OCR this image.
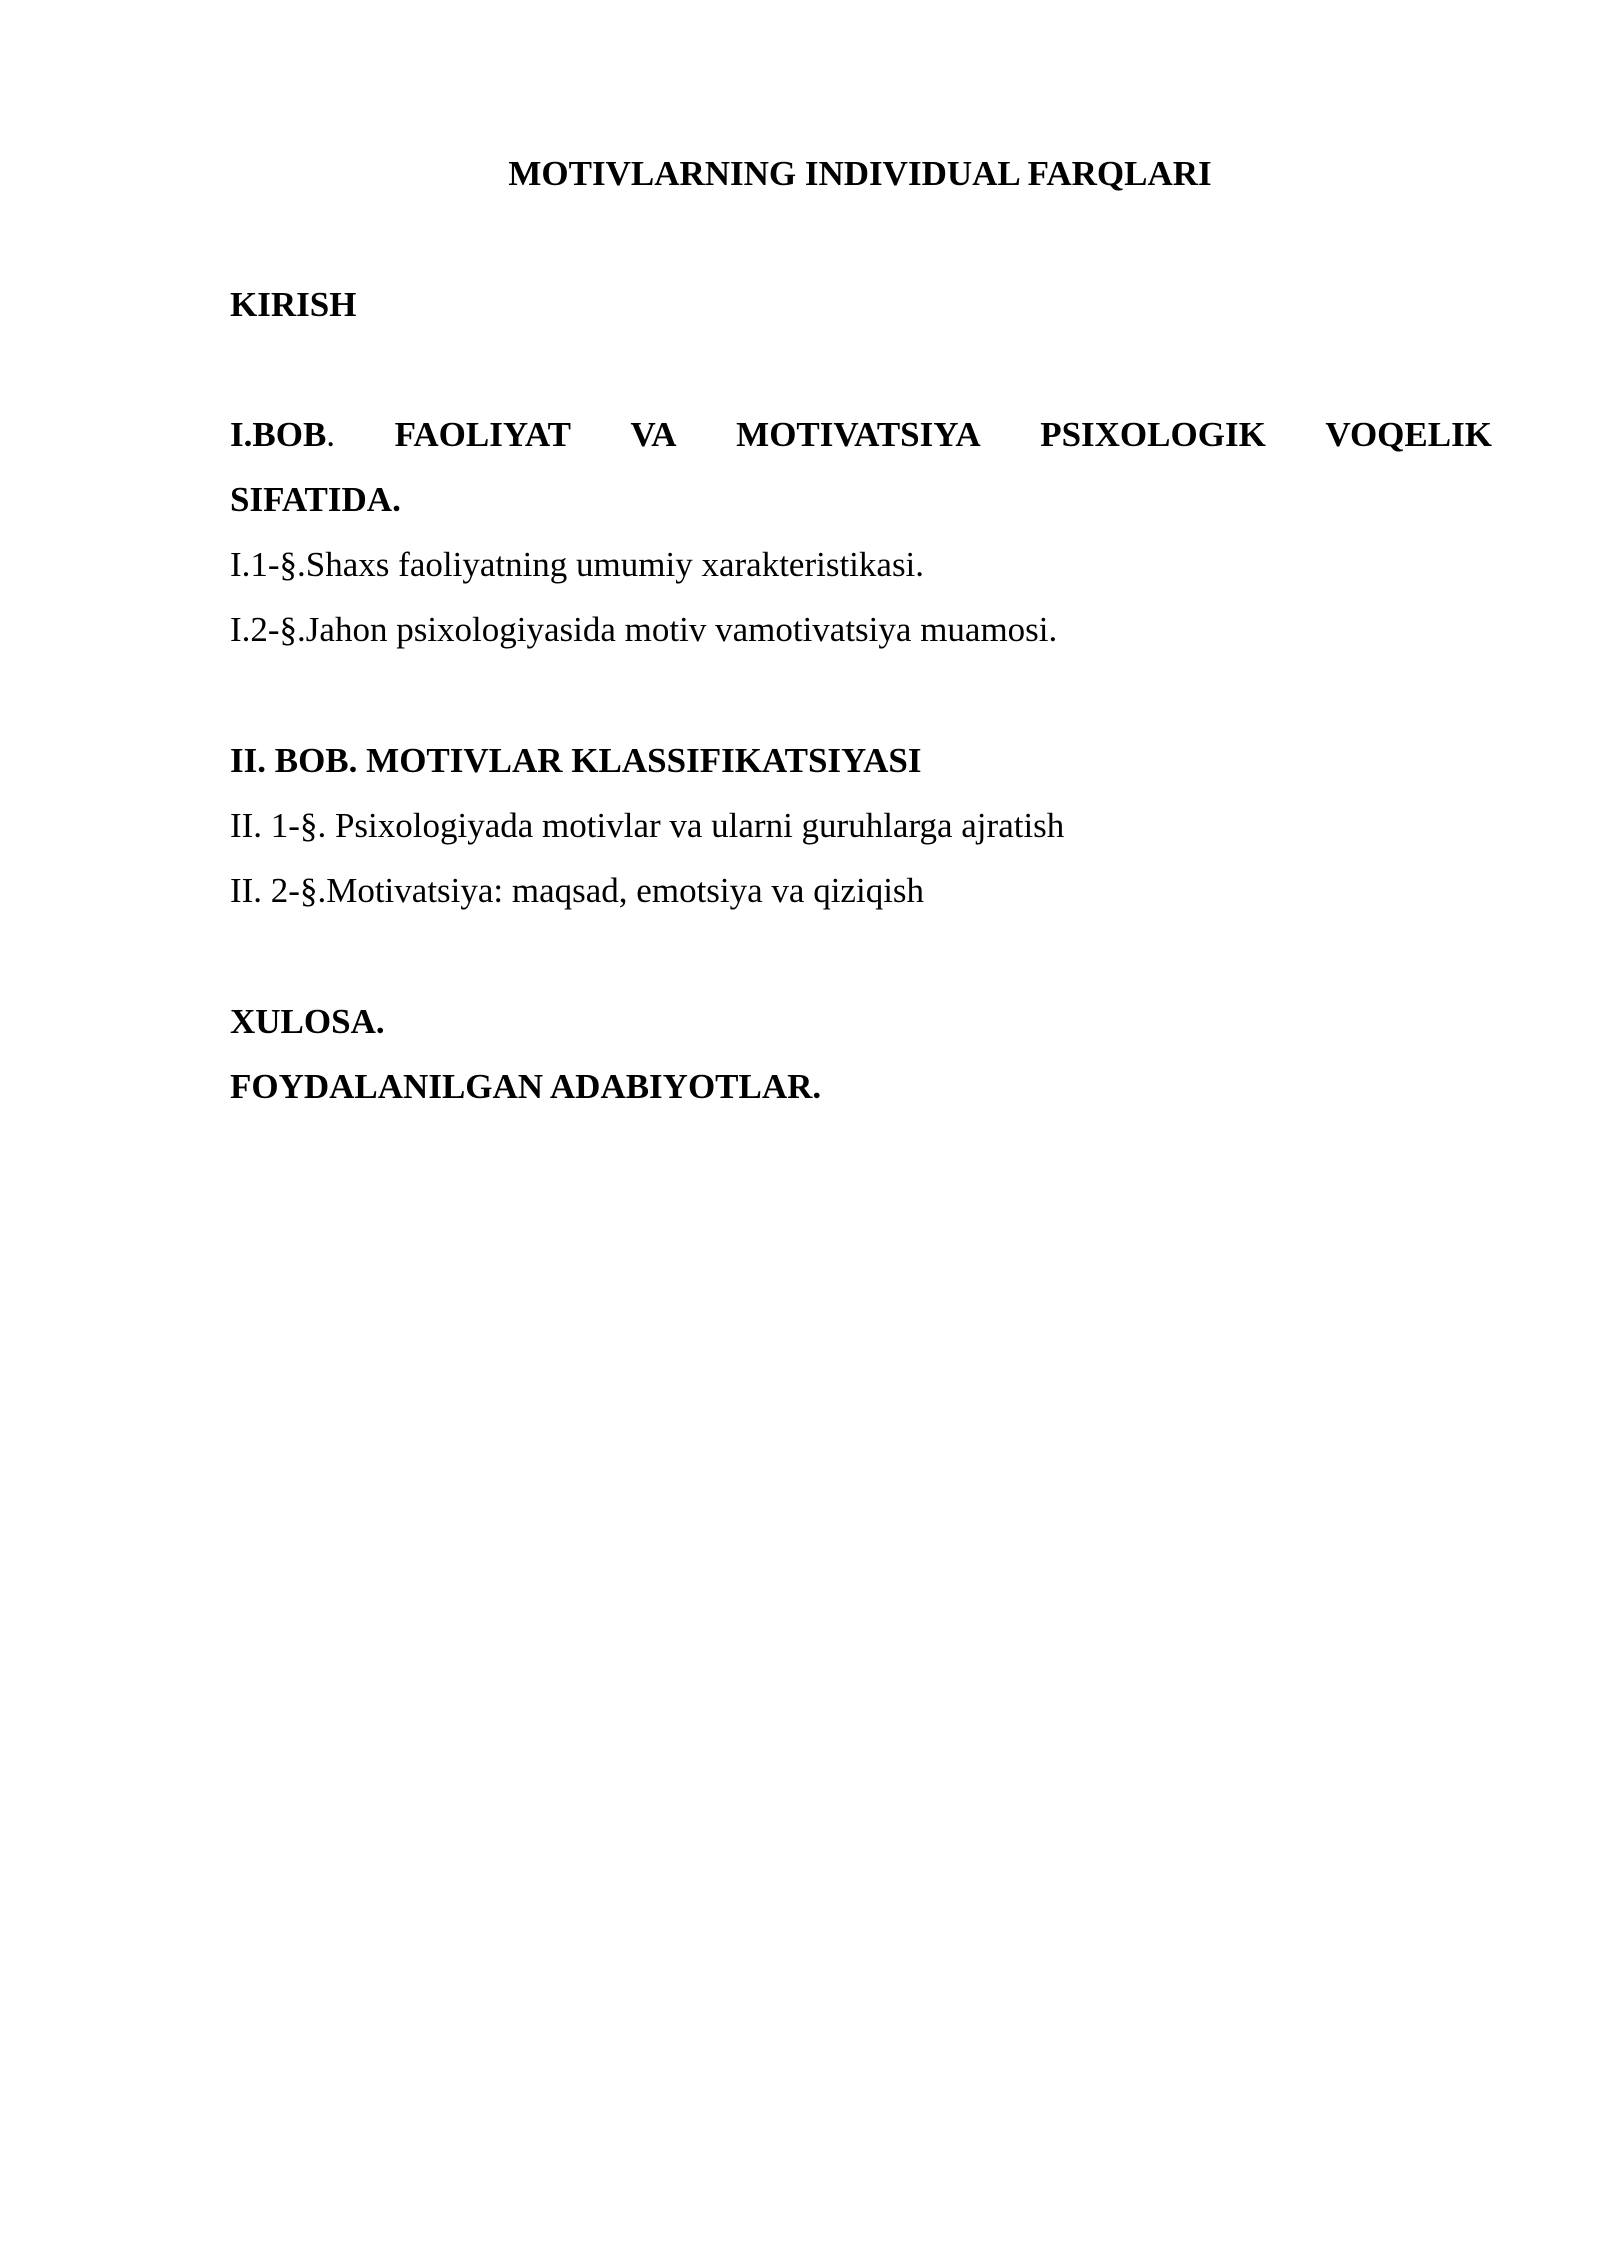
MOTIVLARNING INDIVIDUAL FARQLARI
KIRISH
I.BOB. FAOLIYAT VA MOTIVATSIYA PSIXOLOGIK VOQELIK
SIFATIDA.
I.1-§.Shaxs faoliyatning umumiy xarakteristikasi.
I.2-§.Jahon psixologiyasida motiv vamotivatsiya muamosi.
II. BOB. MOTIVLAR KLASSIFIKATSIYASI
II. 1-§. Psixologiyada motivlar va ularni guruhlarga ajratish
II. 2-§.Motivatsiya: maqsad, emotsiya va qiziqish
XULOSA.
FOYDALANILGAN ADABIYOTLAR.
